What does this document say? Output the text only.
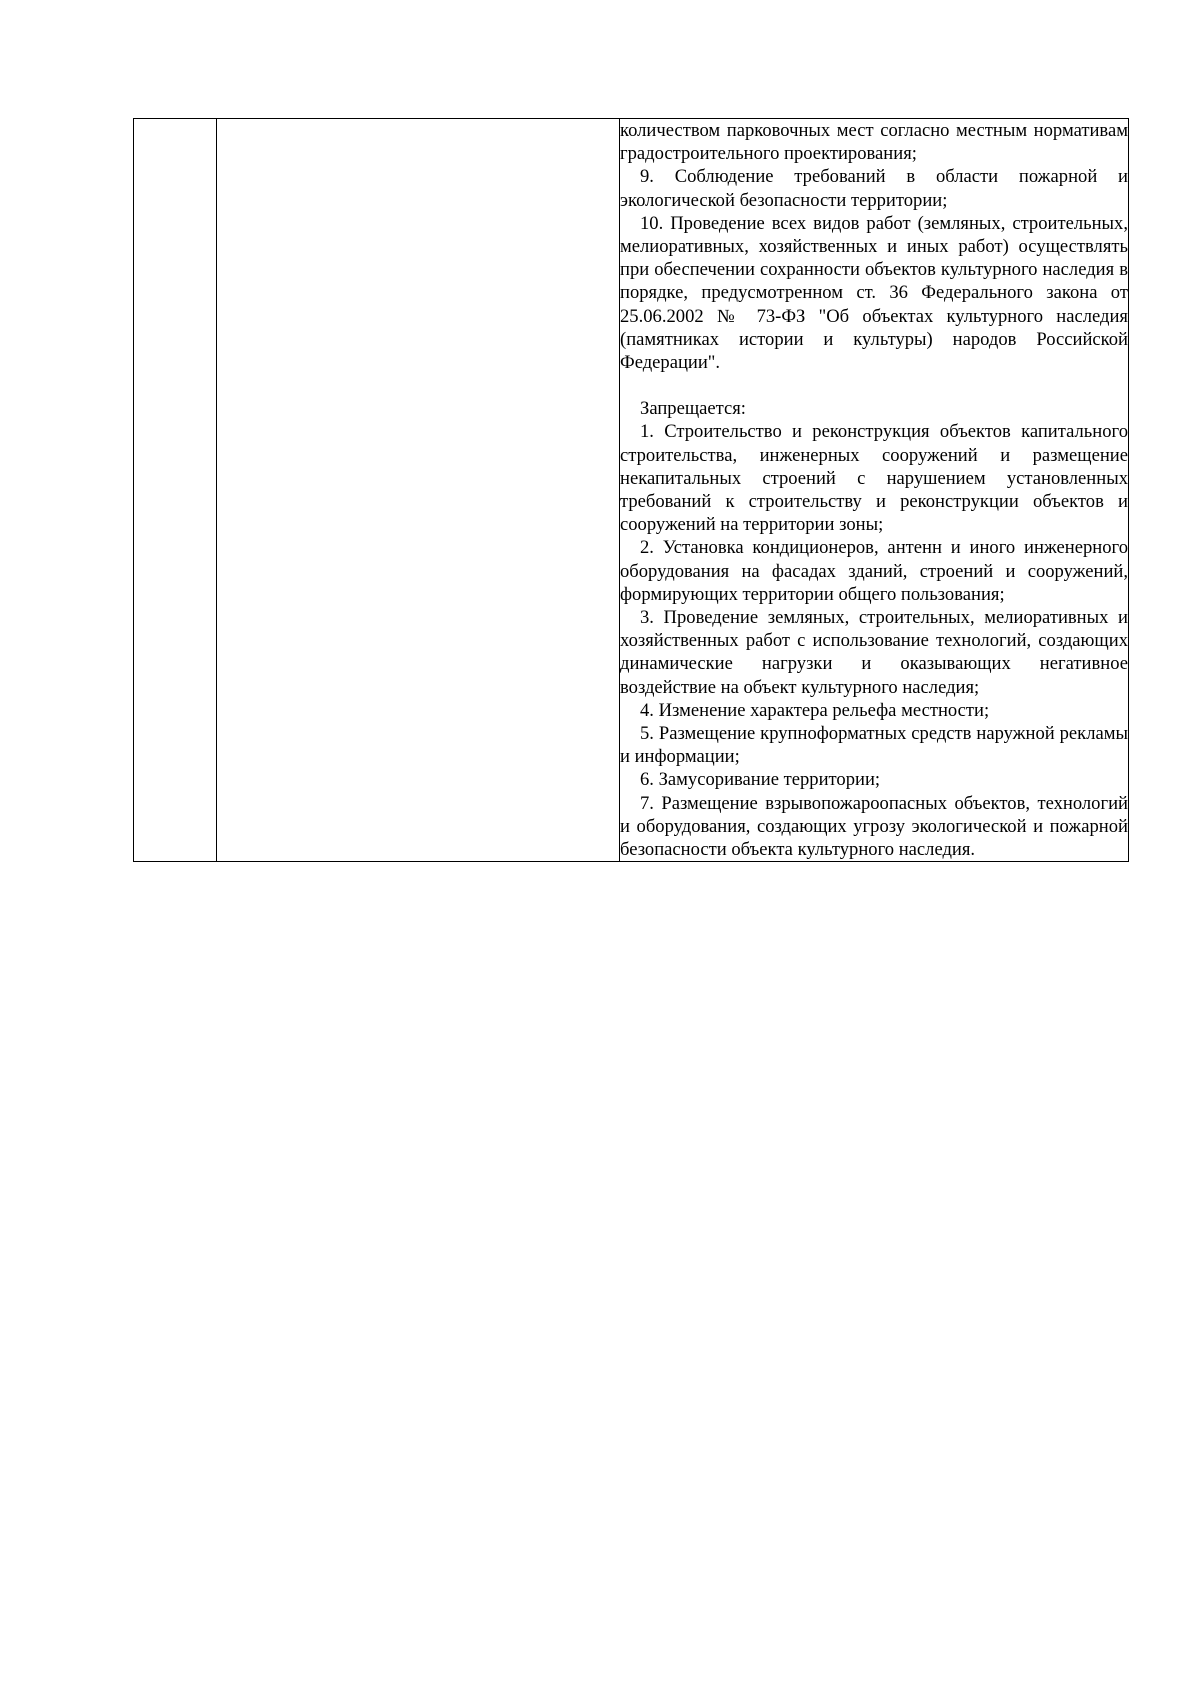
количеством парковочных мест согласно местным нормативам градостроительного проектирования;

9. Соблюдение требований в области пожарной и экологической безопасности территории;

10. Проведение всех видов работ (земляных, строительных, мелиоративных, хозяйственных и иных работ) осуществлять при обеспечении сохранности объектов культурного наследия в порядке, предусмотренном ст. 36 Федерального закона от 25.06.2002 № 73-ФЗ "Об объектах культурного наследия (памятниках истории и культуры) народов Российской Федерации".

Запрещается:

1. Строительство и реконструкция объектов капитального строительства, инженерных сооружений и размещение некапитальных строений с нарушением установленных требований к строительству и реконструкции объектов и сооружений на территории зоны;

2. Установка кондиционеров, антенн и иного инженерного оборудования на фасадах зданий, строений и сооружений, формирующих территории общего пользования;

3. Проведение земляных, строительных, мелиоративных и хозяйственных работ с использование технологий, создающих динамические нагрузки и оказывающих негативное воздействие на объект культурного наследия;

4. Изменение характера рельефа местности;

5. Размещение крупноформатных средств наружной рекламы и информации;

6. Замусоривание территории;

7. Размещение взрывопожароопасных объектов, технологий и оборудования, создающих угрозу экологической и пожарной безопасности объекта культурного наследия.
